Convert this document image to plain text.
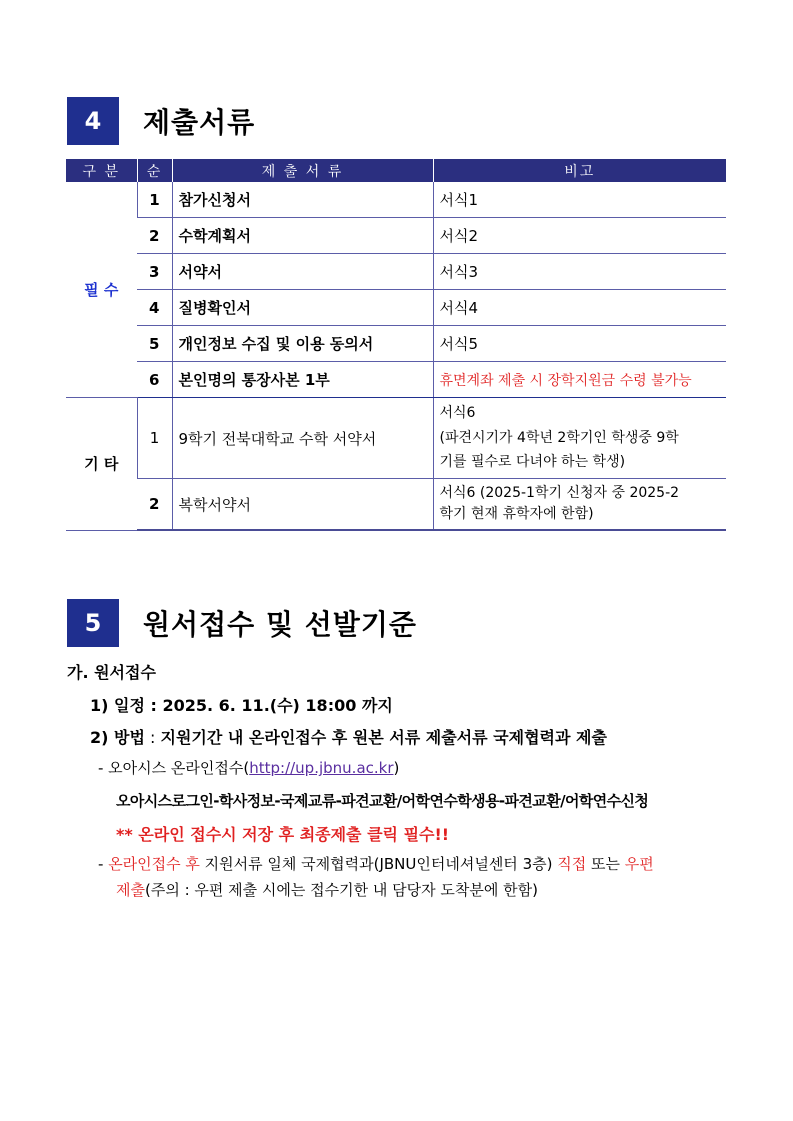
4	제출서류
구 분	순	제 출 서 류	비고
필 수	1	참가신청서	서식1
	2	수학계획서	서식2
	3	서약서	서식3
	4	질병확인서	서식4
	5	개인정보 수집 및 이용 동의서	서식5
	6	본인명의 통장사본 1부	휴면계좌 제출 시 장학지원금 수령 불가능
기 타	1	9학기 전북대학교 수학 서약서	서식6
(파견시기가 4학년 2학기인 학생중 9학
기를 필수로 다녀야 하는 학생)

	2	복학서약서	서식6 (2025-1학기 신청자 중 2025-2
학기 현재 휴학자에 한함)
5	원서접수 및 선발기준
가. 원서접수
1) 일정 : 2025. 6. 11.(수) 18:00 까지
2) 방법 : 지원기간 내 온라인접수 후 원본 서류 제출서류 국제협력과 제출
- 오아시스 온라인접수(http://up.jbnu.ac.kr)
오아시스로그인-학사정보-국제교류-파견교환/어학연수학생용-파견교환/어학연수신청
** 온라인 접수시 저장 후 최종제출 클릭 필수!!
- 온라인접수 후 지원서류 일체 국제협력과(JBNU인터네셔널센터 3층) 직접 또는 우편
제출(주의 : 우편 제출 시에는 접수기한 내 담당자 도착분에 한함)
